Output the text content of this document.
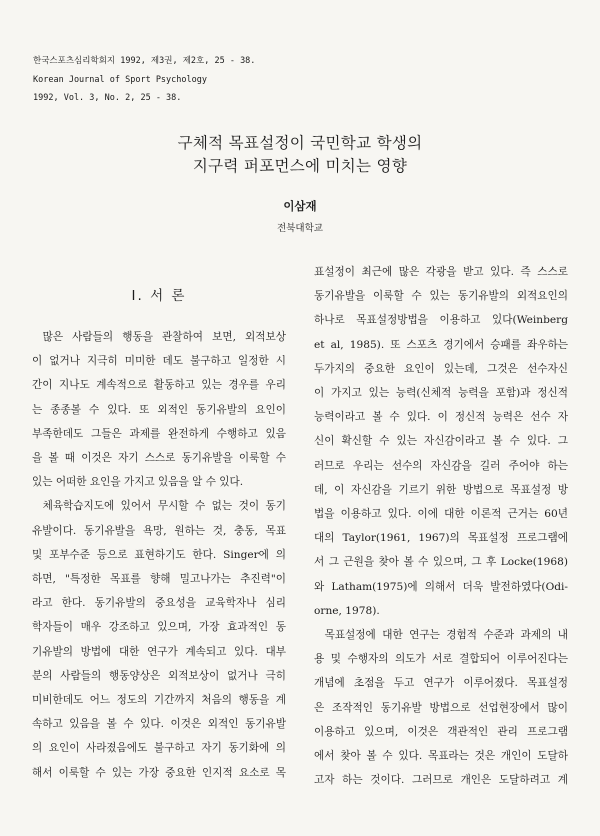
한국스포츠심리학회지 1992, 제3권, 제2호, 25 - 38.
Korean Journal of Sport Psychology
1992, Vol. 3, No. 2, 25 - 38.
구체적 목표설정이 국민학교 학생의
지구력 퍼포먼스에 미치는 영향
이삼재
전북대학교
I. 서 론
많은 사람들의 행동을 관찰하여 보면, 외적보상
이 없거나 지극히 미미한 데도 불구하고 일정한 시
간이 지나도 계속적으로 활동하고 있는 경우를 우리
는 종종볼 수 있다. 또 외적인 동기유발의 요인이
부족한데도 그들은 과제를 완전하게 수행하고 있음
을 볼 때 이것은 자기 스스로 동기유발을 이룩할 수
있는 어떠한 요인을 가지고 있음을 알 수 있다.
체육학습지도에 있어서 무시할 수 없는 것이 동기
유발이다. 동기유발을 욕망, 원하는 것, 충동, 목표
및 포부수준 등으로 표현하기도 한다. Singer에 의
하면, "특정한 목표를 향해 밀고나가는 추진력"이
라고 한다. 동기유발의 중요성을 교육학자나 심리
학자들이 매우 강조하고 있으며, 가장 효과적인 동
기유발의 방법에 대한 연구가 계속되고 있다. 대부
분의 사람들의 행동양상은 외적보상이 없거나 극히
미비한데도 어느 정도의 기간까지 처음의 행동을 계
속하고 있음을 볼 수 있다. 이것은 외적인 동기유발
의 요인이 사라졌음에도 불구하고 자기 동기화에 의
해서 이룩할 수 있는 가장 중요한 인지적 요소로 목
표설정이 최근에 많은 각광을 받고 있다. 즉 스스로
동기유발을 이룩할 수 있는 동기유발의 외적요인의
하나로 목표설정방법을 이용하고 있다(Weinberg
et al, 1985). 또 스포츠 경기에서 승패를 좌우하는
두가지의 중요한 요인이 있는데, 그것은 선수자신
이 가지고 있는 능력(신체적 능력을 포함)과 정신적
능력이라고 볼 수 있다. 이 정신적 능력은 선수 자
신이 확신할 수 있는 자신감이라고 볼 수 있다. 그
러므로 우리는 선수의 자신감을 길러 주어야 하는
데, 이 자신감을 기르기 위한 방법으로 목표설정 방
법을 이용하고 있다. 이에 대한 이론적 근거는 60년
대의 Taylor(1961, 1967)의 목표설정 프로그램에
서 그 근원을 찾아 볼 수 있으며, 그 후 Locke(1968)
와 Latham(1975)에 의해서 더욱 발전하였다(Odi-
orne, 1978).
목표설정에 대한 연구는 경험적 수준과 과제의 내
용 및 수행자의 의도가 서로 결합되어 이루어진다는
개념에 초점을 두고 연구가 이루어졌다. 목표설정
은 조작적인 동기유발 방법으로 선업현장에서 많이
이용하고 있으며, 이것은 객관적인 관리 프로그램
에서 찾아 볼 수 있다. 목표라는 것은 개인이 도달하
고자 하는 것이다. 그러므로 개인은 도달하려고 계
